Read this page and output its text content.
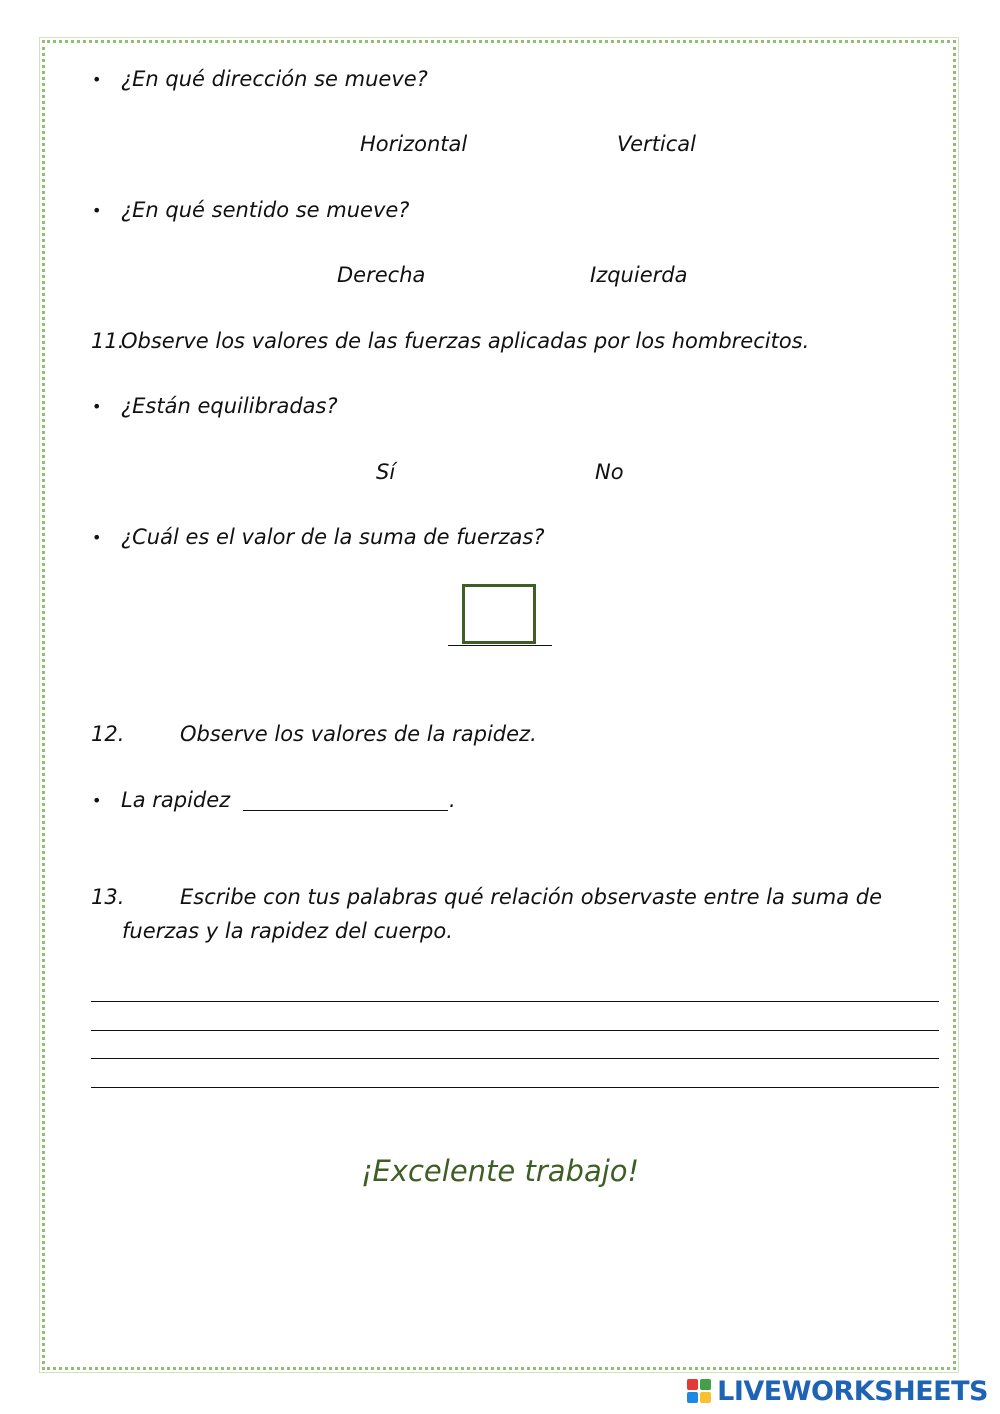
• ¿En qué dirección se mueve?
Horizontal	Vertical
• ¿En qué sentido se mueve?
Derecha	Izquierda
11.
Observe los valores de las fuerzas aplicadas por los hombrecitos.
• ¿Están equilibradas?
Sí	No
• ¿Cuál es el valor de la suma de fuerzas?
12.	Observe los valores de la rapidez.
• La rapidez	.
13.	Escribe con tus palabras qué relación observaste entre la suma de
fuerzas y la rapidez del cuerpo.
¡Excelente trabajo!
LIVEWORKSHEETS
